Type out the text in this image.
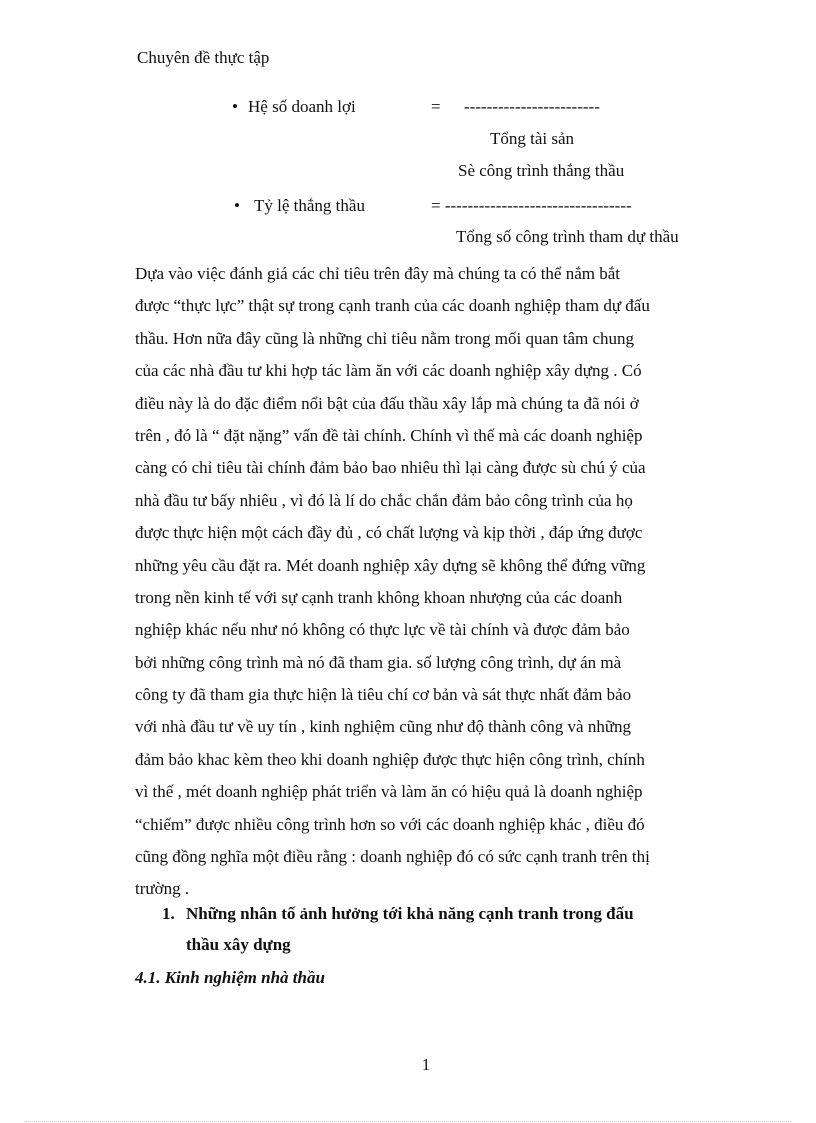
Chuyên đề thực tập
• Hệ số doanh lợi	= ------------------------
Tổng tài sản
Sè công trình thắng thầu
• Tỷ lệ thắng thầu	= ---------------------------------
Tổng số công trình tham dự thầu
Dựa vào việc đánh giá các chỉ tiêu trên đây mà chúng ta có thể nắm bắt
được “thực lực” thật sự trong cạnh tranh của các doanh nghiệp tham dự đấu
thầu. Hơn nữa đây cũng là những chỉ tiêu nằm trong mối quan tâm chung
của các nhà đầu tư khi hợp tác làm ăn với các doanh nghiệp xây dựng . Có
điều này là do đặc điểm nổi bật của đấu thầu xây lắp mà chúng ta đã nói ở
trên , đó là “ đặt nặng” vấn đề tài chính. Chính vì thế mà các doanh nghiệp
càng có chỉ tiêu tài chính đảm bảo bao nhiêu thì lại càng được sù chú ý của
nhà đầu tư bấy nhiêu , vì đó là lí do chắc chắn đảm bảo công trình của họ
được thực hiện một cách đầy đủ , có chất lượng và kịp thời , đáp ứng được
những yêu cầu đặt ra. Mét doanh nghiệp xây dựng sẽ không thể đứng vững
trong nền kinh tế với sự cạnh tranh không khoan nhượng của các doanh
nghiệp khác nếu như nó không có thực lực về tài chính và được đảm bảo
bởi những công trình mà nó đã tham gia. số lượng công trình, dự án mà
công ty đã tham gia thực hiện là tiêu chí cơ bản và sát thực nhất đảm bảo
với nhà đầu tư về uy tín , kinh nghiệm cũng như độ thành công và những
đảm bảo khac kèm theo khi doanh nghiệp được thực hiện công trình, chính
vì thế , mét doanh nghiệp phát triển và làm ăn có hiệu quả là doanh nghiệp
“chiếm” được nhiều công trình hơn so với các doanh nghiệp khác , điều đó
cũng đồng nghĩa một điều rằng : doanh nghiệp đó có sức cạnh tranh trên thị
trường .
1. Những nhân tố ảnh hưởng tới khả năng cạnh tranh trong đấu
thầu xây dựng
4.1. Kinh nghiệm nhà thầu
1
